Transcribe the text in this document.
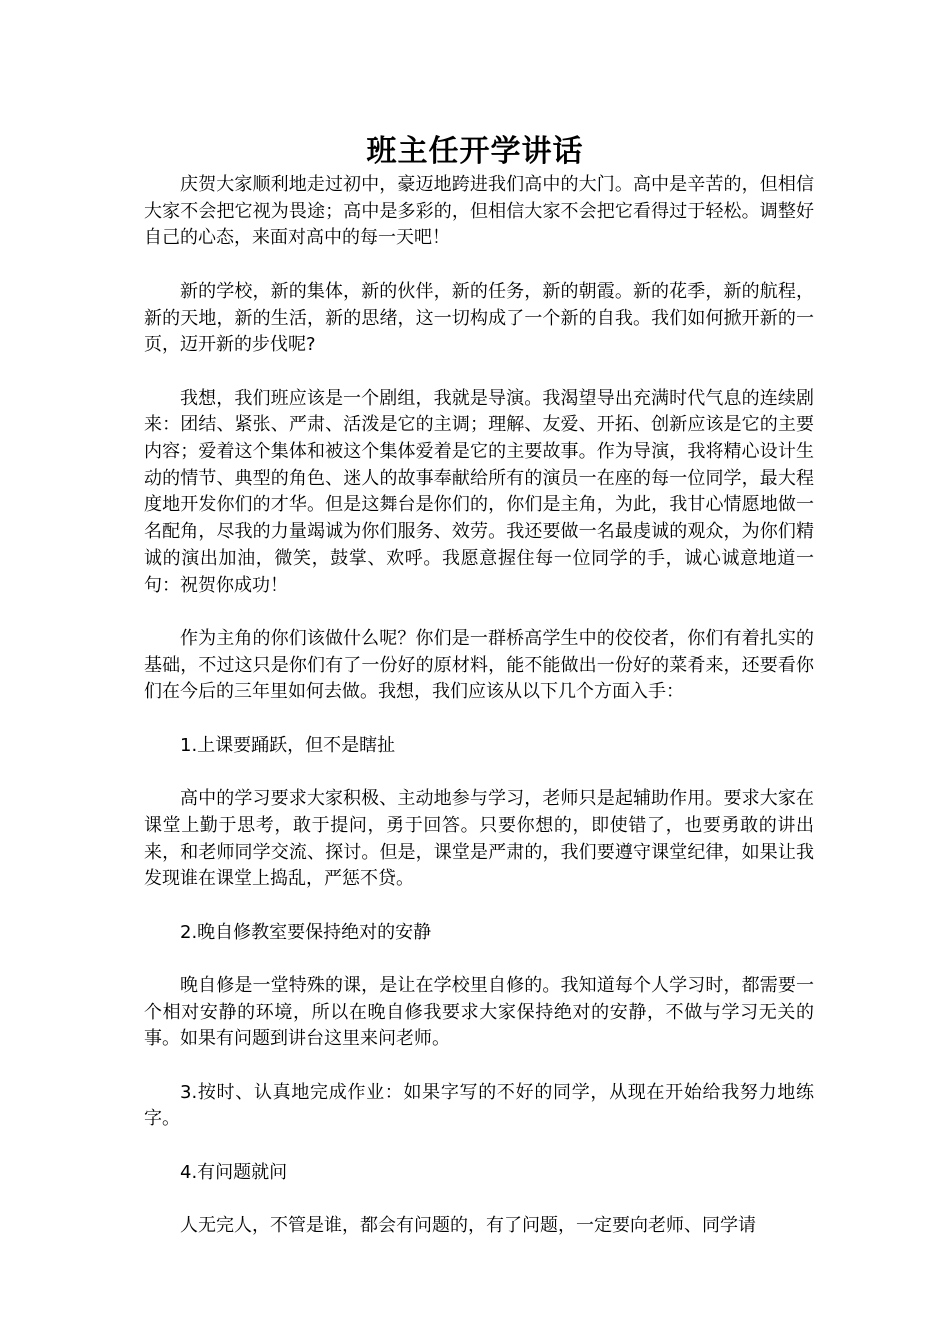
班主任开学讲话

庆贺大家顺利地走过初中，豪迈地跨进我们高中的大门。高中是辛苦的，但相信大家不会把它视为畏途；高中是多彩的，但相信大家不会把它看得过于轻松。调整好自己的心态，来面对高中的每一天吧！

新的学校，新的集体，新的伙伴，新的任务，新的朝霞。新的花季，新的航程，新的天地，新的生活，新的思绪，这一切构成了一个新的自我。我们如何掀开新的一页，迈开新的步伐呢?

我想，我们班应该是一个剧组，我就是导演。我渴望导出充满时代气息的连续剧来：团结、紧张、严肃、活泼是它的主调；理解、友爱、开拓、创新应该是它的主要内容；爱着这个集体和被这个集体爱着是它的主要故事。作为导演，我将精心设计生动的情节、典型的角色、迷人的故事奉献给所有的演员一在座的每一位同学，最大程度地开发你们的才华。但是这舞台是你们的，你们是主角，为此，我甘心情愿地做一名配角，尽我的力量竭诚为你们服务、效劳。我还要做一名最虔诚的观众，为你们精诚的演出加油，微笑，鼓掌、欢呼。我愿意握住每一位同学的手，诚心诚意地道一句：祝贺你成功！

作为主角的你们该做什么呢？你们是一群桥高学生中的佼佼者，你们有着扎实的基础，不过这只是你们有了一份好的原材料，能不能做出一份好的菜肴来，还要看你们在今后的三年里如何去做。我想，我们应该从以下几个方面入手：

1.上课要踊跃，但不是瞎扯

高中的学习要求大家积极、主动地参与学习，老师只是起辅助作用。要求大家在课堂上勤于思考，敢于提问，勇于回答。只要你想的，即使错了，也要勇敢的讲出来，和老师同学交流、探讨。但是，课堂是严肃的，我们要遵守课堂纪律，如果让我发现谁在课堂上捣乱，严惩不贷。

2.晚自修教室要保持绝对的安静

晚自修是一堂特殊的课，是让在学校里自修的。我知道每个人学习时，都需要一个相对安静的环境，所以在晚自修我要求大家保持绝对的安静，不做与学习无关的事。如果有问题到讲台这里来问老师。

3.按时、认真地完成作业：如果字写的不好的同学，从现在开始给我努力地练字。

4.有问题就问

人无完人，不管是谁，都会有问题的，有了问题，一定要向老师、同学请
